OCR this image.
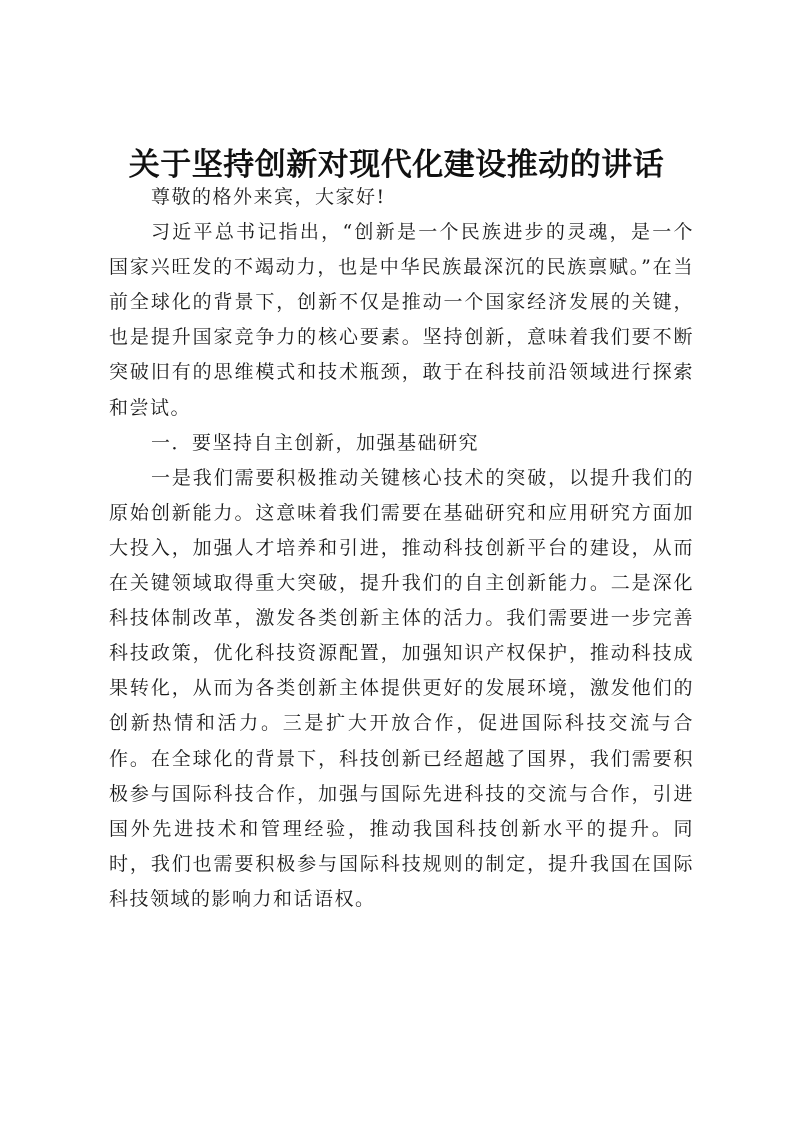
关于坚持创新对现代化建设推动的讲话

尊敬的格外来宾，大家好!

习近平总书记指出，“创新是一个民族进步的灵魂，是一个国家兴旺发的不竭动力，也是中华民族最深沉的民族禀赋。”在当前全球化的背景下，创新不仅是推动一个国家经济发展的关键，也是提升国家竞争力的核心要素。坚持创新，意味着我们要不断突破旧有的思维模式和技术瓶颈，敢于在科技前沿领域进行探索和尝试。

一．要坚持自主创新，加强基础研究

一是我们需要积极推动关键核心技术的突破，以提升我们的原始创新能力。这意味着我们需要在基础研究和应用研究方面加大投入，加强人才培养和引进，推动科技创新平台的建设，从而在关键领域取得重大突破，提升我们的自主创新能力。二是深化科技体制改革，激发各类创新主体的活力。我们需要进一步完善科技政策，优化科技资源配置，加强知识产权保护，推动科技成果转化，从而为各类创新主体提供更好的发展环境，激发他们的创新热情和活力。三是扩大开放合作，促进国际科技交流与合作。在全球化的背景下，科技创新已经超越了国界，我们需要积极参与国际科技合作，加强与国际先进科技的交流与合作，引进国外先进技术和管理经验，推动我国科技创新水平的提升。同时，我们也需要积极参与国际科技规则的制定，提升我国在国际科技领域的影响力和话语权。
